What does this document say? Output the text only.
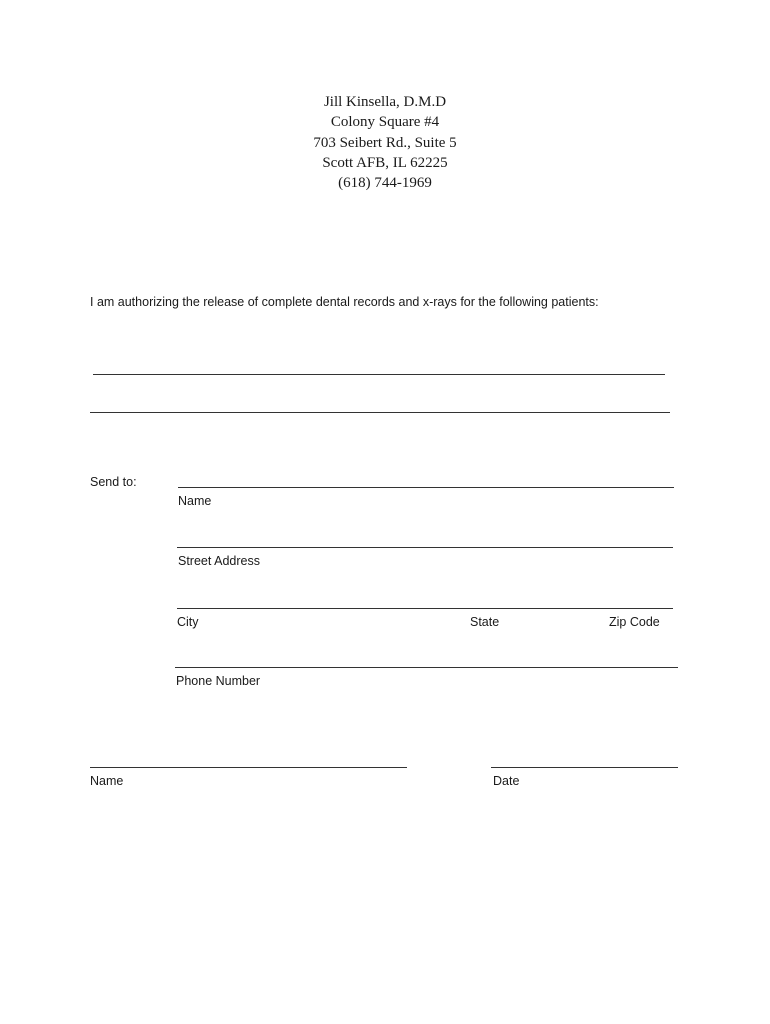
Jill Kinsella, D.M.D
Colony Square #4
703 Seibert Rd., Suite 5
Scott AFB, IL 62225
(618) 744-1969
I am authorizing the release of complete dental records and x-rays for the following patients:
Send to:
Name
Street Address
City	State	Zip Code
Phone Number
Name	Date
